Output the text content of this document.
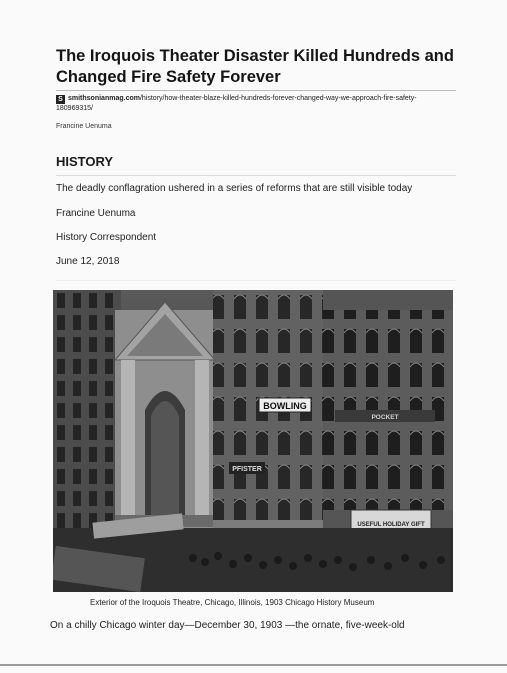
The Iroquois Theater Disaster Killed Hundreds and Changed Fire Safety Forever
S smithsonianmag.com/history/how-theater-blaze-killed-hundreds-forever-changed-way-we-approach-fire-safety-180969315/
Francine Uenuma
HISTORY
The deadly conflagration ushered in a series of reforms that are still visible today
Francine Uenuma
History Correspondent
June 12, 2018
BOWLING
PFISTER
POCKET
USEFUL HOLIDAY GIFT
Exterior of the Iroquois Theatre, Chicago, Illinois, 1903 Chicago History Museum
On a chilly Chicago winter day—December 30, 1903 —the ornate, five-week-old
